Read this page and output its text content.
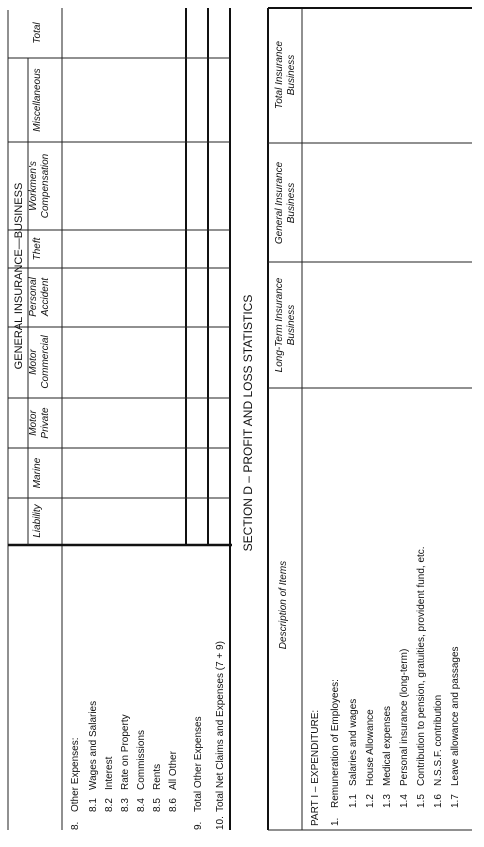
GENERAL INSURANCE—BUSINESS
Liability
Marine
Motor Private
Motor Commercial
Personal Accident
Theft
Workmen's Compensation
Miscellaneous
Total
8.
Other Expenses: 8.1
Wages and Salaries
8.2
Interest
8.3
Rate on Property
8.4
Commissions
8.5
Rents
8.6
All Other
9.
Total Other Expenses
10.
Total Net Claims and Expenses (7 + 9)
SECTION D – PROFIT AND LOSS STATISTICS
Description of Items
Long-Term Insurance Business
General Insurance Business
Total Insurance Business
PART I – EXPENDITURE: 1.
Remuneration of Employees: 1.1
Salaries and wages
1.2
House Allowance
1.3
Medical expenses
1.4
Personal insurance (long-term)
1.5
Contribution to pension, gratuities, provident fund, etc.
1.6
N.S.S.F. contribution
1.7
Leave allowance and passages
